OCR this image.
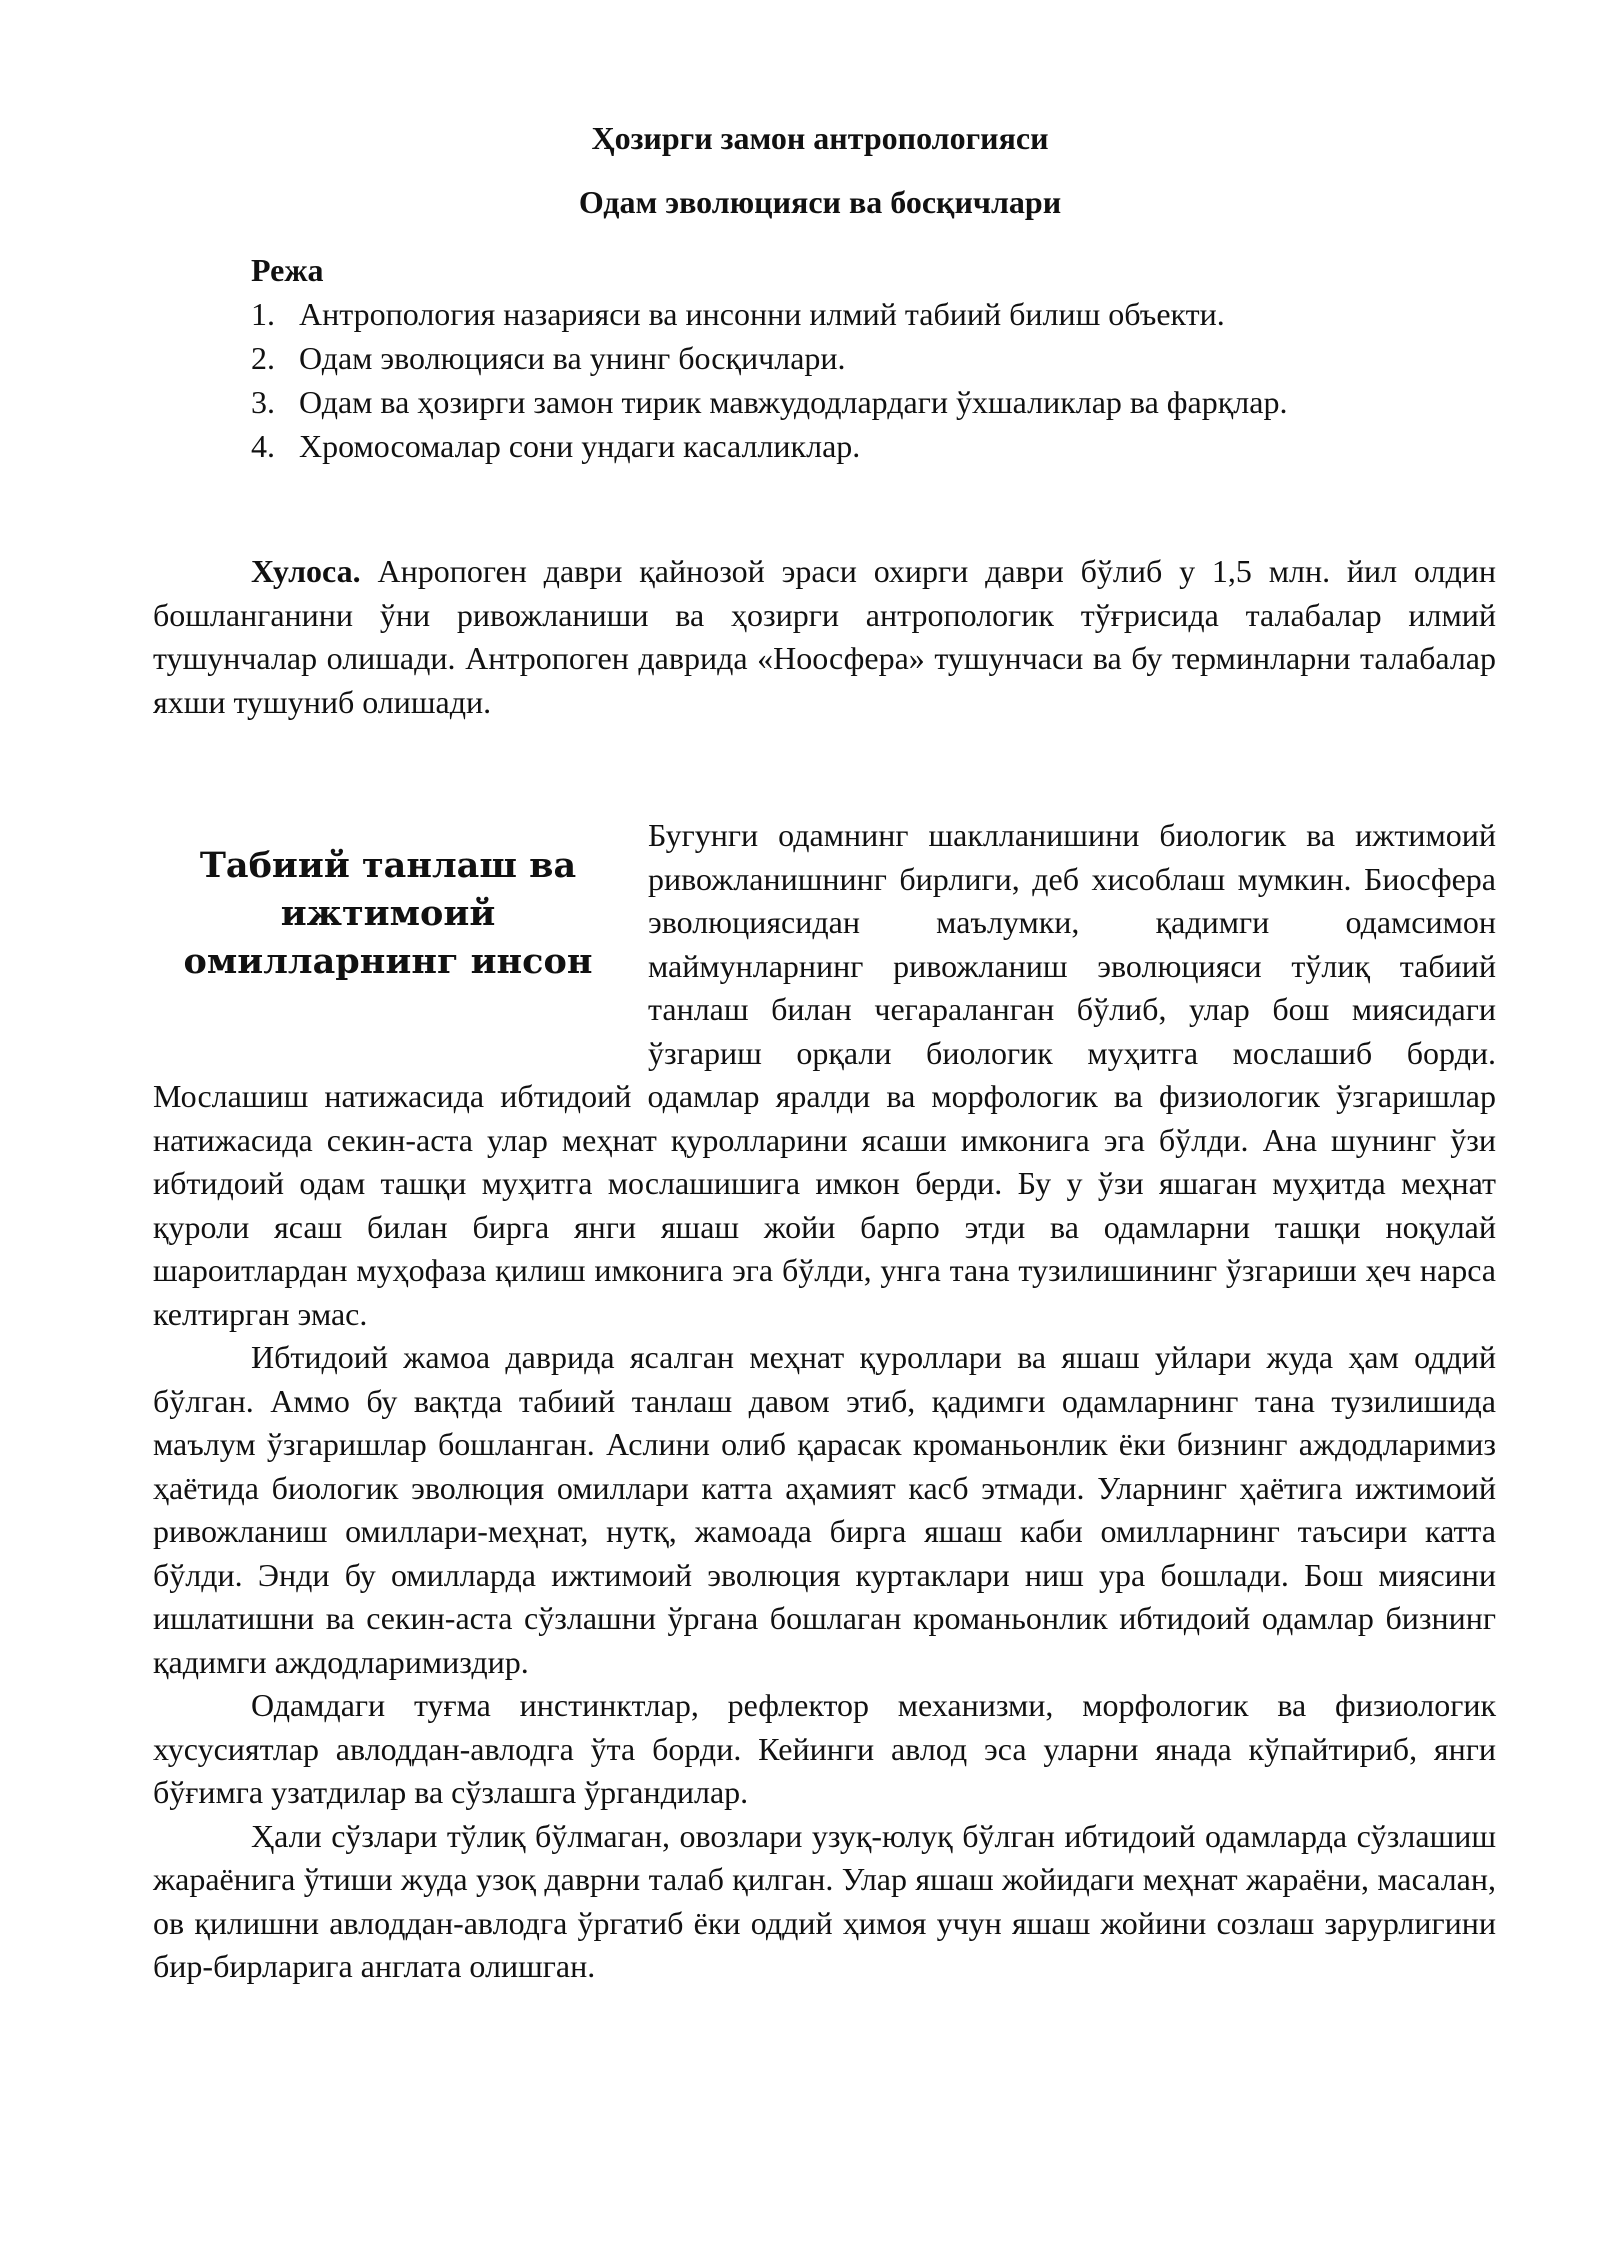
Ҳозирги замон антропологияси
Одам эволюцияси ва босқичлари

Режа

1. Антропология назарияси ва инсонни илмий табиий билиш объекти.
2. Одам эволюцияси ва унинг босқичлари.
3. Одам ва ҳозирги замон тирик мавжудодлардаги ўхшаликлар ва фарқлар.
4. Хромосомалар сони ундаги касалликлар.

Хулоса. Анропоген даври қайнозой эраси охирги даври бўлиб у 1,5 млн. йил олдин бошланганини ўни ривожланиши ва ҳозирги антропологик тўғрисида талабалар илмий тушунчалар олишади. Антропоген даврида «Ноосфера» тушунчаси ва бу терминларни талабалар яхши тушуниб олишади.

Табиий танлаш ва ижтимоий омилларнинг инсон

Бугунги одамнинг шаклланишини биологик ва ижтимоий ривожланишнинг бирлиги, деб хисоблаш мумкин. Биосфера эволюциясидан маълумки, қадимги одамсимон маймунларнинг ривожланиш эволюцияси тўлиқ табиий танлаш билан чегараланган бўлиб, улар бош миясидаги ўзгариш орқали биологик муҳитга мослашиб борди. Мослашиш натижасида ибтидоий одамлар яралди ва морфологик ва физиологик ўзгаришлар натижасида секин-аста улар меҳнат қуролларини ясаши имконига эга бўлди. Ана шунинг ўзи ибтидоий одам ташқи муҳитга мослашишига имкон берди. Бу у ўзи яшаган муҳитда меҳнат қуроли ясаш билан бирга янги яшаш жойи барпо этди ва одамларни ташқи ноқулай шароитлардан муҳофаза қилиш имконига эга бўлди, унга тана тузилишининг ўзгариши ҳеч нарса келтирган эмас.

Ибтидоий жамоа даврида ясалган меҳнат қуроллари ва яшаш уйлари жуда ҳам оддий бўлган. Аммо бу вақтда табиий танлаш давом этиб, қадимги одамларнинг тана тузилишида маълум ўзгаришлар бошланган. Аслини олиб қарасак кроманьонлик ёки бизнинг аждодларимиз ҳаётида биологик эволюция омиллари катта аҳамият касб этмади. Уларнинг ҳаётига ижтимоий ривожланиш омиллари-меҳнат, нутқ, жамоада бирга яшаш каби омилларнинг таъсири катта бўлди. Энди бу омилларда ижтимоий эволюция куртаклари ниш ура бошлади. Бош миясини ишлатишни ва секин-аста сўзлашни ўргана бошлаган кроманьонлик ибтидоий одамлар бизнинг қадимги аждодларимиздир.

Одамдаги туғма инстинктлар, рефлектор механизми, морфологик ва физиологик хусусиятлар авлоддан-авлодга ўта борди. Кейинги авлод эса уларни янада кўпайтириб, янги бўғимга узатдилар ва сўзлашга ўргандилар.

Ҳали сўзлари тўлиқ бўлмаган, овозлари узуқ-юлуқ бўлган ибтидоий одамларда сўзлашиш жараёнига ўтиши жуда узоқ даврни талаб қилган. Улар яшаш жойидаги меҳнат жараёни, масалан, ов қилишни авлоддан-авлодга ўргатиб ёки оддий ҳимоя учун яшаш жойини созлаш зарурлигини бир-бирларига англата олишган.
